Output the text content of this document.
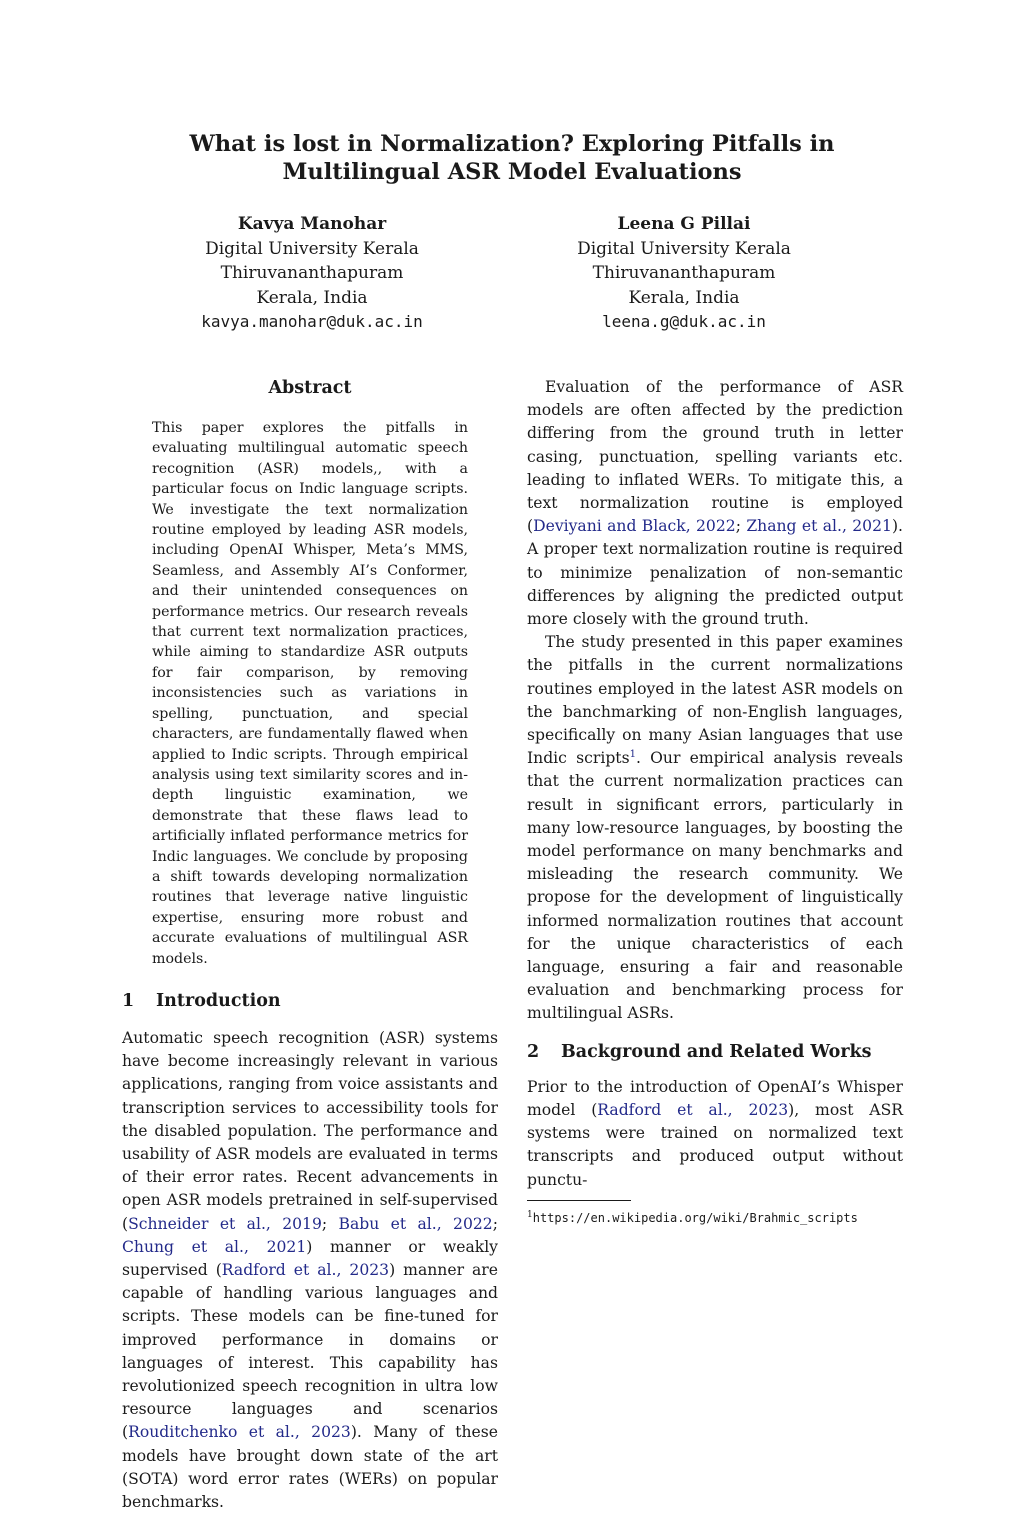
What is lost in Normalization? Exploring Pitfalls in
Multilingual ASR Model Evaluations
Kavya Manohar
Digital University Kerala
Thiruvananthapuram
Kerala, India
kavya.manohar@duk.ac.in
Leena G Pillai
Digital University Kerala
Thiruvananthapuram
Kerala, India
leena.g@duk.ac.in
Abstract
This paper explores the pitfalls in evaluating multilingual automatic speech recognition (ASR) models,, with a particular focus on Indic language scripts. We investigate the text normalization routine employed by leading ASR models, including OpenAI Whisper, Meta’s MMS, Seamless, and Assembly AI’s Conformer, and their unintended consequences on performance metrics. Our research reveals that current text normalization practices, while aiming to standardize ASR outputs for fair comparison, by removing inconsistencies such as variations in spelling, punctuation, and special characters, are fundamentally flawed when applied to Indic scripts. Through empirical analysis using text similarity scores and in-depth linguistic examination, we demonstrate that these flaws lead to artificially inflated performance metrics for Indic languages. We conclude by proposing a shift towards developing normalization routines that leverage native linguistic expertise, ensuring more robust and accurate evaluations of multilingual ASR models.
1 Introduction

Automatic speech recognition (ASR) systems have become increasingly relevant in various applications, ranging from voice assistants and transcription services to accessibility tools for the disabled population. The performance and usability of ASR models are evaluated in terms of their error rates. Recent advancements in open ASR models pretrained in self-supervised (Schneider et al., 2019; Babu et al., 2022; Chung et al., 2021) manner or weakly supervised (Radford et al., 2023) manner are capable of handling various languages and scripts. These models can be fine-tuned for improved performance in domains or languages of interest. This capability has revolutionized speech recognition in ultra low resource languages and scenarios (Rouditchenko et al., 2023). Many of these models have brought down state of the art (SOTA) word error rates (WERs) on popular benchmarks.

Evaluation of the performance of ASR models are often affected by the prediction differing from the ground truth in letter casing, punctuation, spelling variants etc. leading to inflated WERs. To mitigate this, a text normalization routine is employed (Deviyani and Black, 2022; Zhang et al., 2021). A proper text normalization routine is required to minimize penalization of non-semantic differences by aligning the predicted output more closely with the ground truth.

The study presented in this paper examines the pitfalls in the current normalizations routines employed in the latest ASR models on the banchmarking of non-English languages, specifically on many Asian languages that use Indic scripts$^1$. Our empirical analysis reveals that the current normalization practices can result in significant errors, particularly in many low-resource languages, by boosting the model performance on many benchmarks and misleading the research community. We propose for the development of linguistically informed normalization routines that account for the unique characteristics of each language, ensuring a fair and reasonable evaluation and benchmarking process for multilingual ASRs.

2 Background and Related Works

Prior to the introduction of OpenAI’s Whisper model (Radford et al., 2023), most ASR systems were trained on normalized text transcripts and produced output without punctu-

$^1$https://en.wikipedia.org/wiki/Brahmic_scripts
